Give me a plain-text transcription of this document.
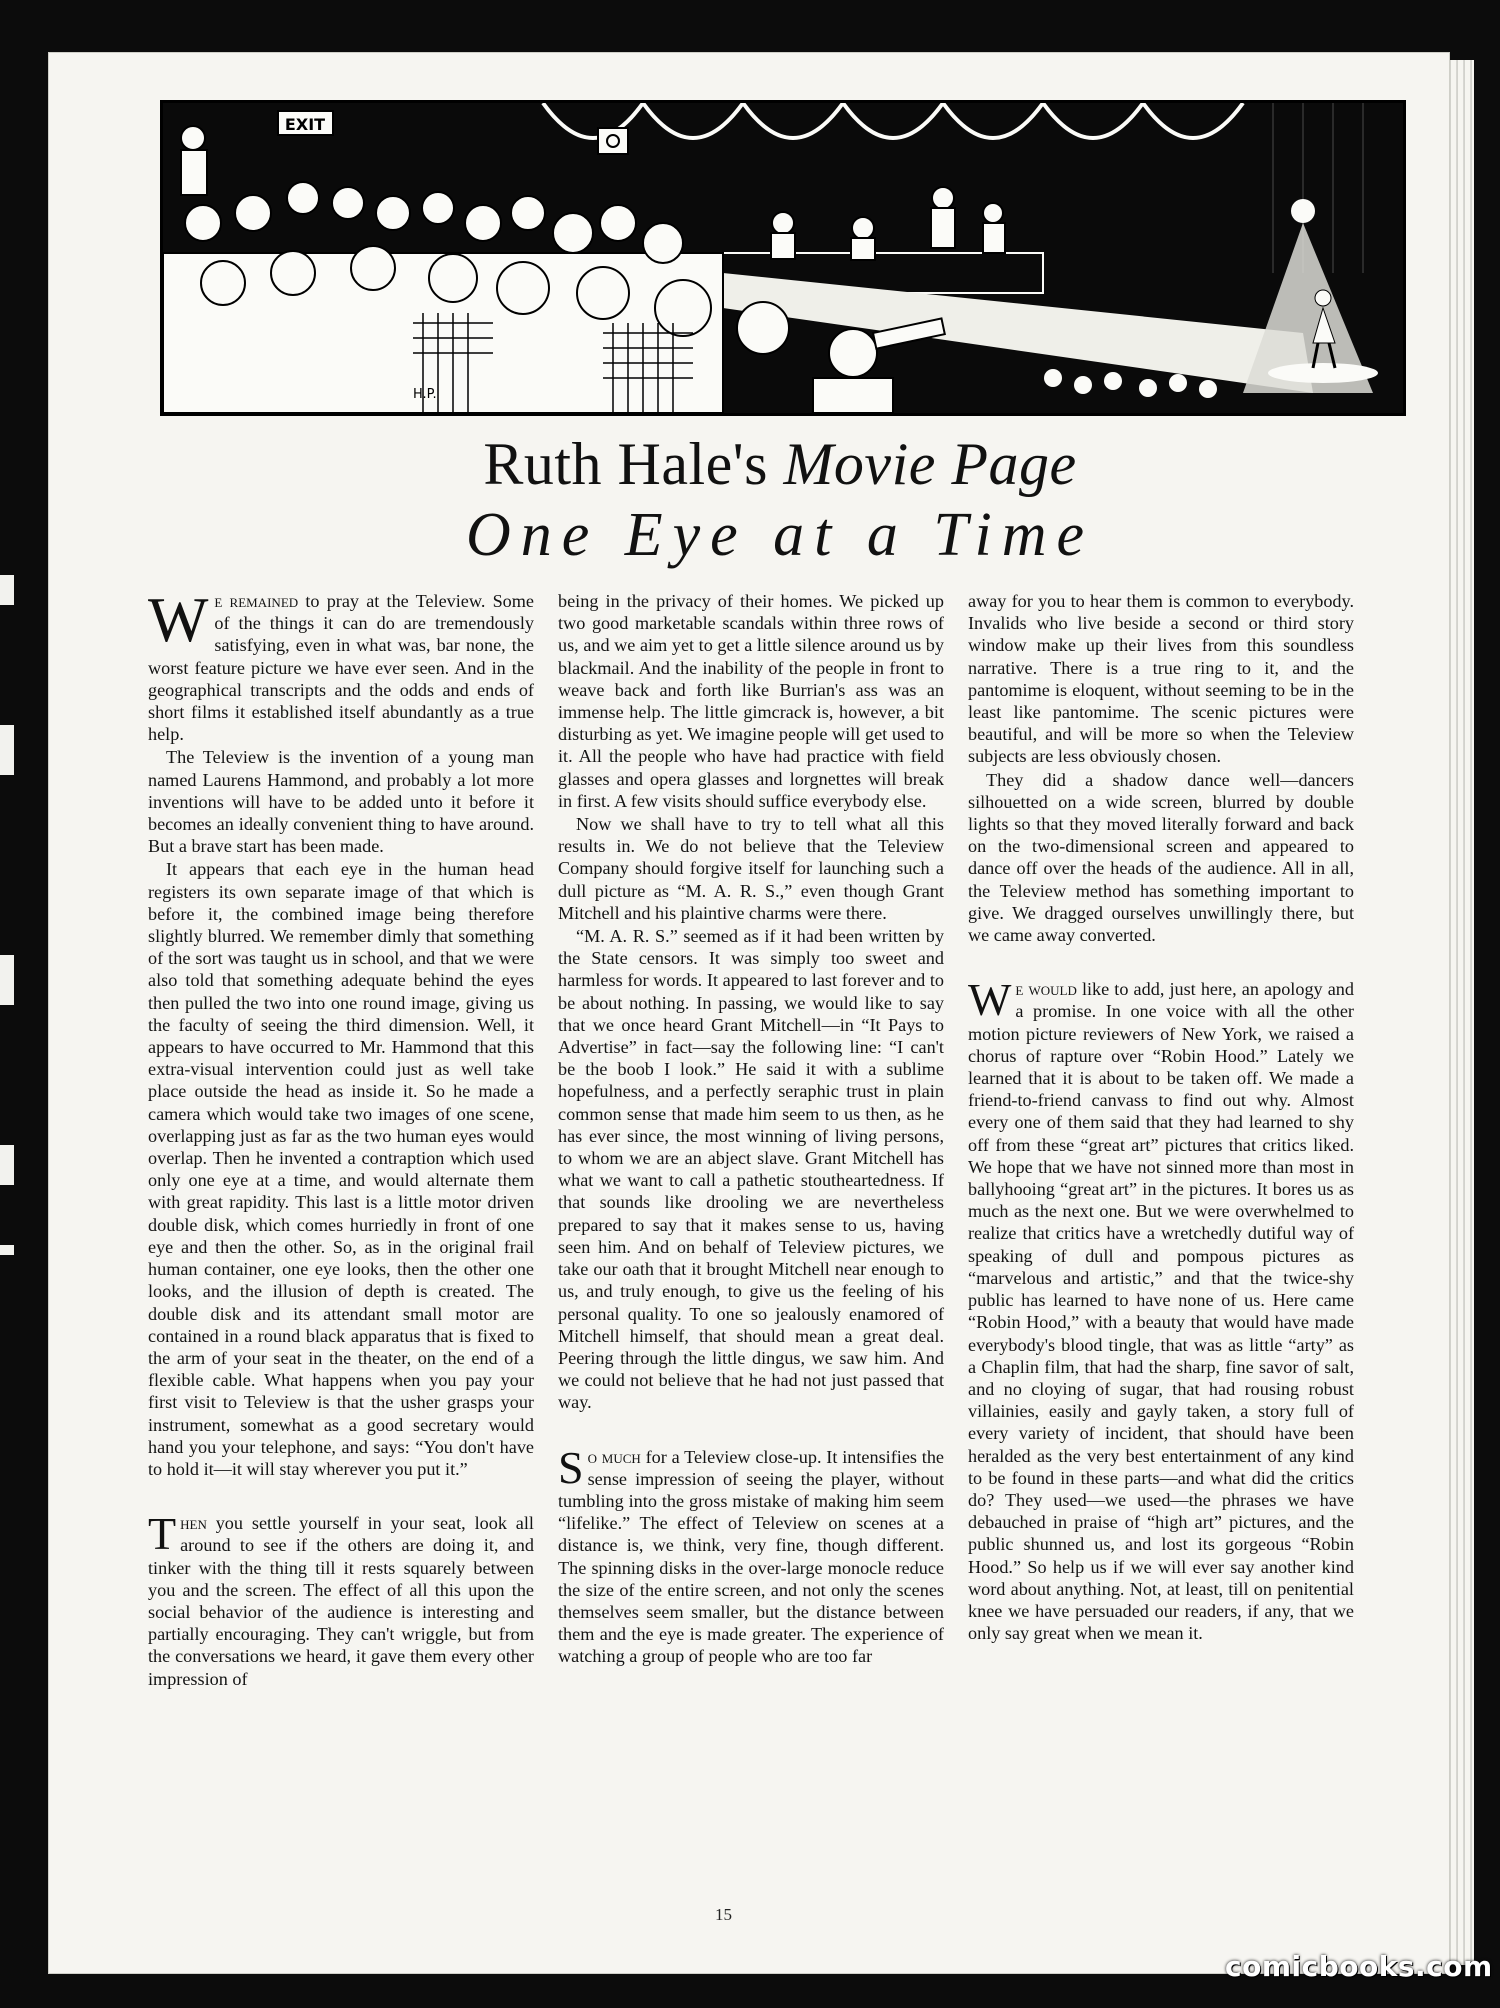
EXIT
H.P.
Ruth Hale's Movie Page
One Eye at a Time

We remained to pray at the Teleview. Some of the things it can do are tremendously satisfying, even in what was, bar none, the worst feature picture we have ever seen. And in the geographical transcripts and the odds and ends of short films it established itself abundantly as a true help.

The Teleview is the invention of a young man named Laurens Hammond, and probably a lot more inventions will have to be added unto it before it becomes an ideally convenient thing to have around. But a brave start has been made.

It appears that each eye in the human head registers its own separate image of that which is before it, the combined image being therefore slightly blurred. We remember dimly that something of the sort was taught us in school, and that we were also told that something adequate behind the eyes then pulled the two into one round image, giving us the faculty of seeing the third dimension. Well, it appears to have occurred to Mr. Hammond that this extra-visual intervention could just as well take place outside the head as inside it. So he made a camera which would take two images of one scene, overlapping just as far as the two human eyes would overlap. Then he invented a contraption which used only one eye at a time, and would alternate them with great rapidity. This last is a little motor driven double disk, which comes hurriedly in front of one eye and then the other. So, as in the original frail human container, one eye looks, then the other one looks, and the illusion of depth is created. The double disk and its attendant small motor are contained in a round black apparatus that is fixed to the arm of your seat in the theater, on the end of a flexible cable. What happens when you pay your first visit to Teleview is that the usher grasps your instrument, somewhat as a good secretary would hand you your telephone, and says: “You don't have to hold it—it will stay wherever you put it.”

Then you settle yourself in your seat, look all around to see if the others are doing it, and tinker with the thing till it rests squarely between you and the screen. The effect of all this upon the social behavior of the audience is interesting and partially encouraging. They can't wriggle, but from the conversations we heard, it gave them every other impression of

being in the privacy of their homes. We picked up two good marketable scandals within three rows of us, and we aim yet to get a little silence around us by blackmail. And the inability of the people in front to weave back and forth like Burrian's ass was an immense help. The little gimcrack is, however, a bit disturbing as yet. We imagine people will get used to it. All the people who have had practice with field glasses and opera glasses and lorgnettes will break in first. A few visits should suffice everybody else.

Now we shall have to try to tell what all this results in. We do not believe that the Teleview Company should forgive itself for launching such a dull picture as “M. A. R. S.,” even though Grant Mitchell and his plaintive charms were there.

“M. A. R. S.” seemed as if it had been written by the State censors. It was simply too sweet and harmless for words. It appeared to last forever and to be about nothing. In passing, we would like to say that we once heard Grant Mitchell—in “It Pays to Advertise” in fact—say the following line: “I can't be the boob I look.” He said it with a sublime hopefulness, and a perfectly seraphic trust in plain common sense that made him seem to us then, as he has ever since, the most winning of living persons, to whom we are an abject slave. Grant Mitchell has what we want to call a pathetic stoutheartedness. If that sounds like drooling we are nevertheless prepared to say that it makes sense to us, having seen him. And on behalf of Teleview pictures, we take our oath that it brought Mitchell near enough to us, and truly enough, to give us the feeling of his personal quality. To one so jealously enamored of Mitchell himself, that should mean a great deal. Peering through the little dingus, we saw him. And we could not believe that he had not just passed that way.

So much for a Teleview close-up. It intensifies the sense impression of seeing the player, without tumbling into the gross mistake of making him seem “lifelike.” The effect of Teleview on scenes at a distance is, we think, very fine, though different. The spinning disks in the over-large monocle reduce the size of the entire screen, and not only the scenes themselves seem smaller, but the distance between them and the eye is made greater. The experience of watching a group of people who are too far

away for you to hear them is common to everybody. Invalids who live beside a second or third story window make up their lives from this soundless narrative. There is a true ring to it, and the pantomime is eloquent, without seeming to be in the least like pantomime. The scenic pictures were beautiful, and will be more so when the Teleview subjects are less obviously chosen.

They did a shadow dance well—dancers silhouetted on a wide screen, blurred by double lights so that they moved literally forward and back on the two-dimensional screen and appeared to dance off over the heads of the audience. All in all, the Teleview method has something important to give. We dragged ourselves unwillingly there, but we came away converted.

We would like to add, just here, an apology and a promise. In one voice with all the other motion picture reviewers of New York, we raised a chorus of rapture over “Robin Hood.” Lately we learned that it is about to be taken off. We made a friend-to-friend canvass to find out why. Almost every one of them said that they had learned to shy off from these “great art” pictures that critics liked. We hope that we have not sinned more than most in ballyhooing “great art” in the pictures. It bores us as much as the next one. But we were overwhelmed to realize that critics have a wretchedly dutiful way of speaking of dull and pompous pictures as “marvelous and artistic,” and that the twice-shy public has learned to have none of us. Here came “Robin Hood,” with a beauty that would have made everybody's blood tingle, that was as little “arty” as a Chaplin film, that had the sharp, fine savor of salt, and no cloying of sugar, that had rousing robust villainies, easily and gayly taken, a story full of every variety of incident, that should have been heralded as the very best entertainment of any kind to be found in these parts—and what did the critics do? They used—we used—the phrases we have debauched in praise of “high art” pictures, and the public shunned us, and lost its gorgeous “Robin Hood.” So help us if we will ever say another kind word about anything. Not, at least, till on penitential knee we have persuaded our readers, if any, that we only say great when we mean it.

15
comicbooks.com
